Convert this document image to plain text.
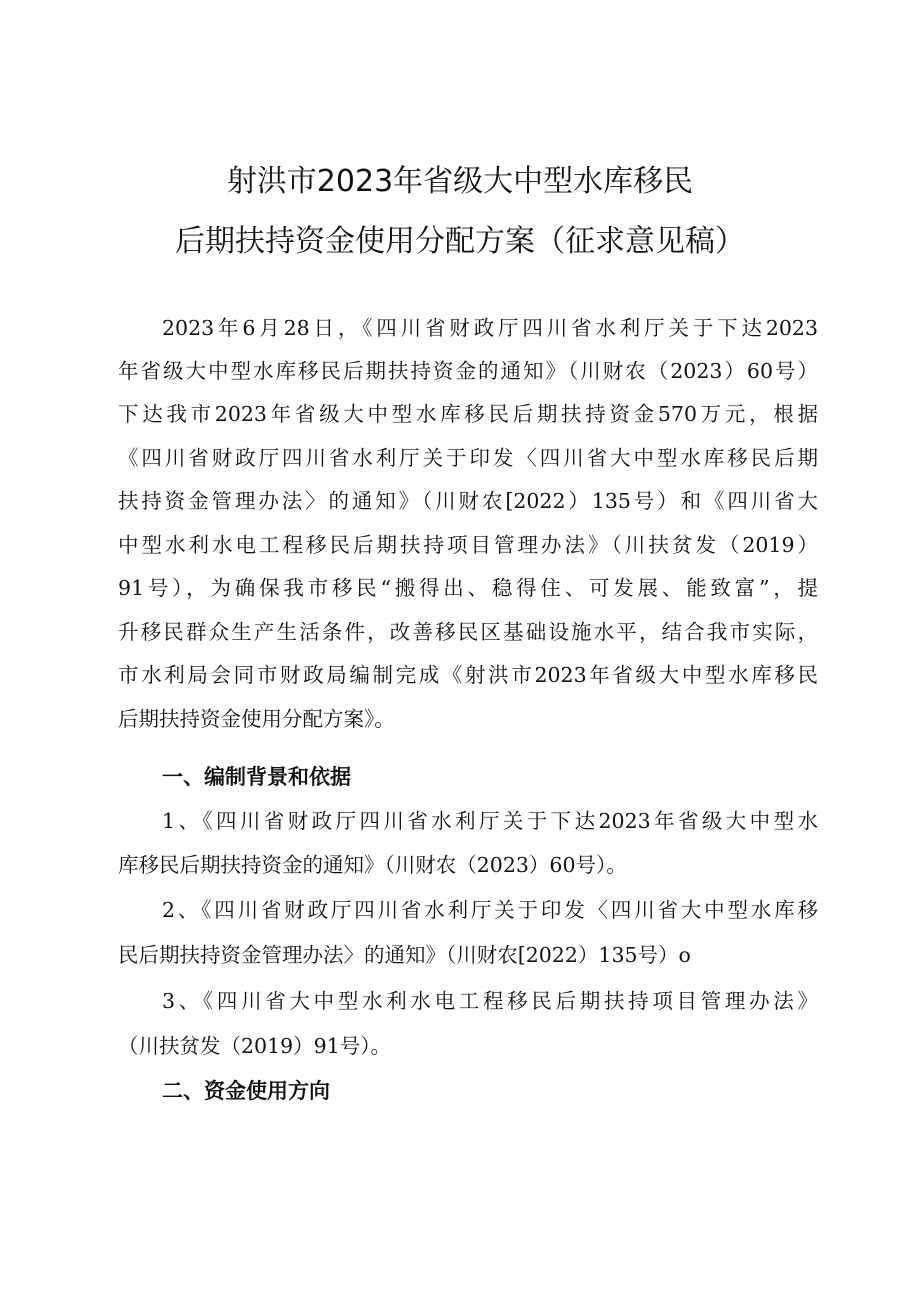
射洪市2023年省级大中型水库移民
后期扶持资金使用分配方案（征求意见稿）
2023年6月28日，《四川省财政厅四川省水利厅关于下达2023
年省级大中型水库移民后期扶持资金的通知》（川财农（2023）60号）
下达我市2023年省级大中型水库移民后期扶持资金570万元，根据
《四川省财政厅四川省水利厅关于印发〈四川省大中型水库移民后期
扶持资金管理办法〉的通知》（川财农[2022）135号）和《四川省大
中型水利水电工程移民后期扶持项目管理办法》（川扶贫发（2019）
91号），为确保我市移民“搬得出、稳得住、可发展、能致富”，提
升移民群众生产生活条件，改善移民区基础设施水平，结合我市实际，
市水利局会同市财政局编制完成《射洪市2023年省级大中型水库移民
后期扶持资金使用分配方案》。
一、编制背景和依据
1、《四川省财政厅四川省水利厅关于下达2023年省级大中型水
库移民后期扶持资金的通知》（川财农（2023）60号）。
2、《四川省财政厅四川省水利厅关于印发〈四川省大中型水库移
民后期扶持资金管理办法〉的通知》（川财农[2022）135号）o
3、《四川省大中型水利水电工程移民后期扶持项目管理办法》
（川扶贫发（2019）91号）。
二、资金使用方向
